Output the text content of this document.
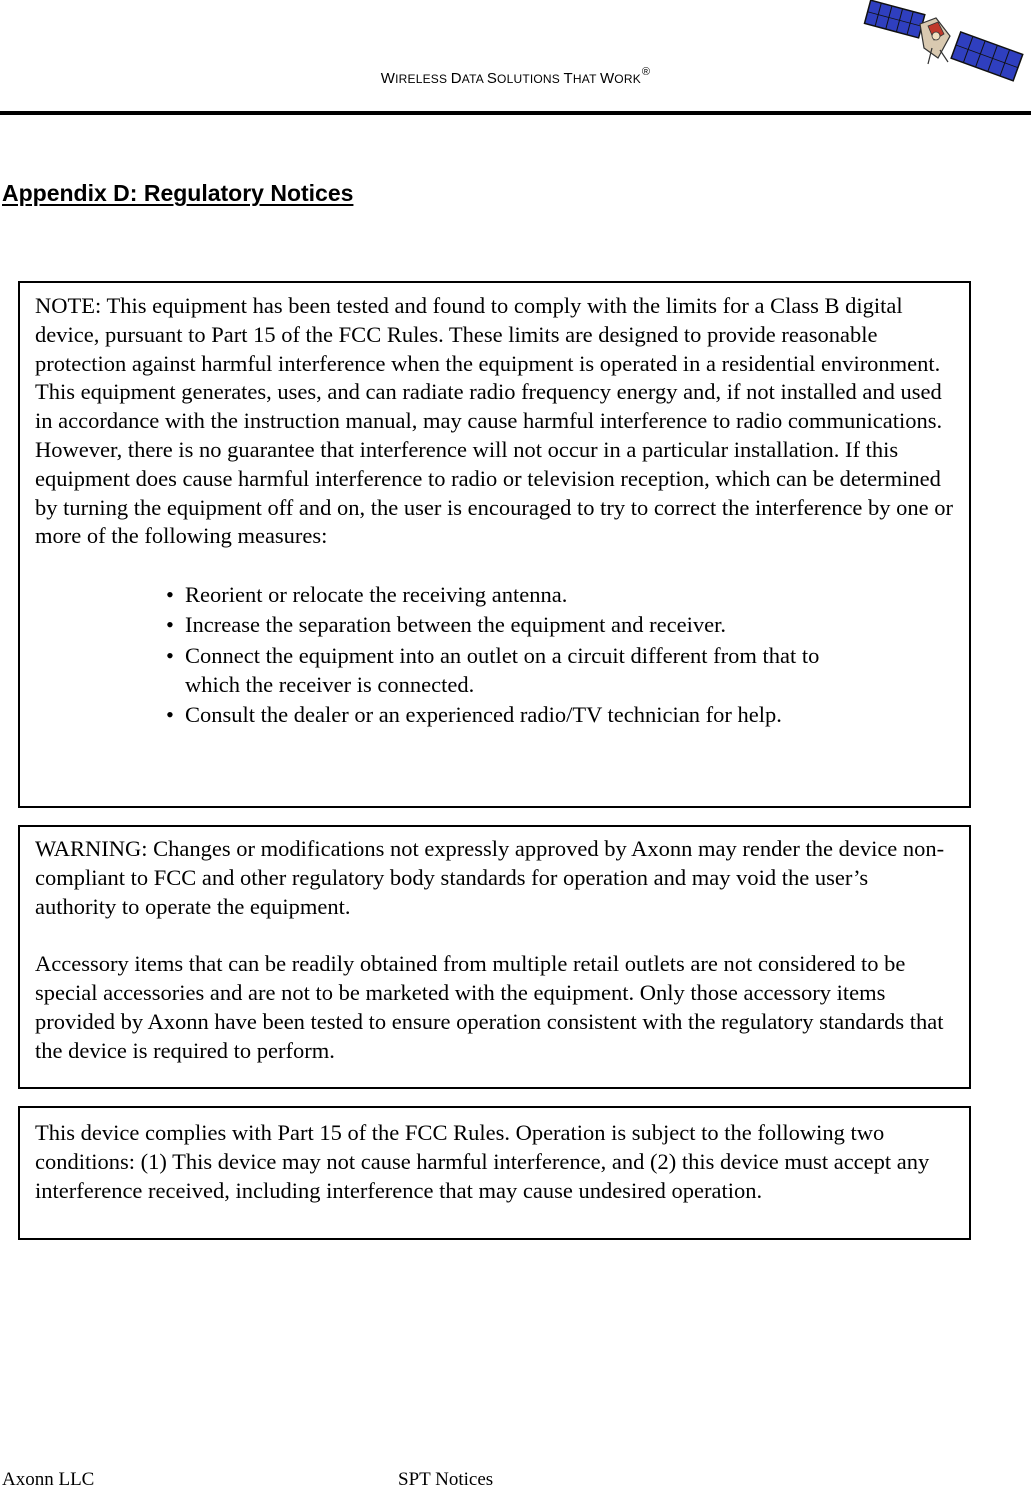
WIRELESS DATA SOLUTIONS THAT WORK®
Appendix D: Regulatory Notices

NOTE: This equipment has been tested and found to comply with the limits for a Class B digital device, pursuant to Part 15 of the FCC Rules. These limits are designed to provide reasonable protection against harmful interference when the equipment is operated in a residential environment. This equipment generates, uses, and can radiate radio frequency energy and, if not installed and used in accordance with the instruction manual, may cause harmful interference to radio communications. However, there is no guarantee that interference will not occur in a particular installation. If this equipment does cause harmful interference to radio or television reception, which can be determined by turning the equipment off and on, the user is encouraged to try to correct the interference by one or more of the following measures:

• Reorient or relocate the receiving antenna.
• Increase the separation between the equipment and receiver.
• Connect the equipment into an outlet on a circuit different from that to which the receiver is connected.
• Consult the dealer or an experienced radio/TV technician for help.

WARNING: Changes or modifications not expressly approved by Axonn may render the device non-compliant to FCC and other regulatory body standards for operation and may void the user’s authority to operate the equipment.

Accessory items that can be readily obtained from multiple retail outlets are not considered to be special accessories and are not to be marketed with the equipment. Only those accessory items provided by Axonn have been tested to ensure operation consistent with the regulatory standards that the device is required to perform.

This device complies with Part 15 of the FCC Rules. Operation is subject to the following two conditions: (1) This device may not cause harmful interference, and (2) this device must accept any interference received, including interference that may cause undesired operation.

Axonn LLC	SPT Notices
